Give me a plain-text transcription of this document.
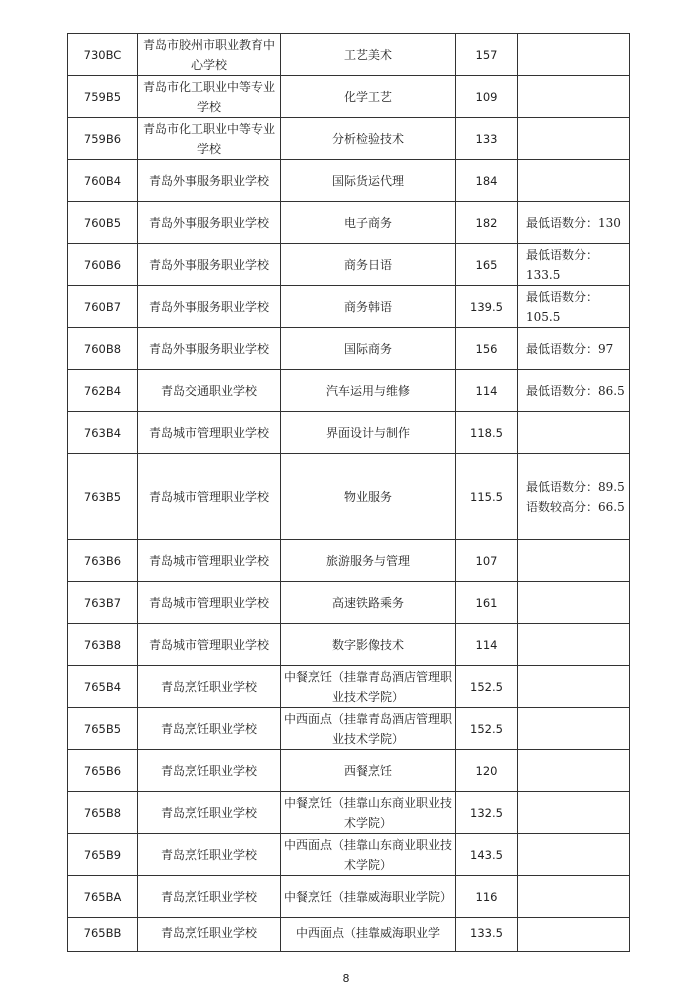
730BC	青岛市胶州市职业教育中心学校	工艺美术	157	
759B5	青岛市化工职业中等专业学校	化学工艺	109	
759B6	青岛市化工职业中等专业学校	分析检验技术	133	
760B4	青岛外事服务职业学校	国际货运代理	184	
760B5	青岛外事服务职业学校	电子商务	182	最低语数分：130
760B6	青岛外事服务职业学校	商务日语	165	最低语数分：133.5
760B7	青岛外事服务职业学校	商务韩语	139.5	最低语数分：105.5
760B8	青岛外事服务职业学校	国际商务	156	最低语数分：97
762B4	青岛交通职业学校	汽车运用与维修	114	最低语数分：86.5
763B4	青岛城市管理职业学校	界面设计与制作	118.5	
763B5	青岛城市管理职业学校	物业服务	115.5	最低语数分：89.5语数较高分：66.5
763B6	青岛城市管理职业学校	旅游服务与管理	107	
763B7	青岛城市管理职业学校	高速铁路乘务	161	
763B8	青岛城市管理职业学校	数字影像技术	114	
765B4	青岛烹饪职业学校	中餐烹饪（挂靠青岛酒店管理职业技术学院）	152.5	
765B5	青岛烹饪职业学校	中西面点（挂靠青岛酒店管理职业技术学院）	152.5	
765B6	青岛烹饪职业学校	西餐烹饪	120	
765B8	青岛烹饪职业学校	中餐烹饪（挂靠山东商业职业技术学院）	132.5	
765B9	青岛烹饪职业学校	中西面点（挂靠山东商业职业技术学院）	143.5	
765BA	青岛烹饪职业学校	中餐烹饪（挂靠威海职业学院）	116	
765BB	青岛烹饪职业学校	中西面点（挂靠威海职业学	133.5	
8
